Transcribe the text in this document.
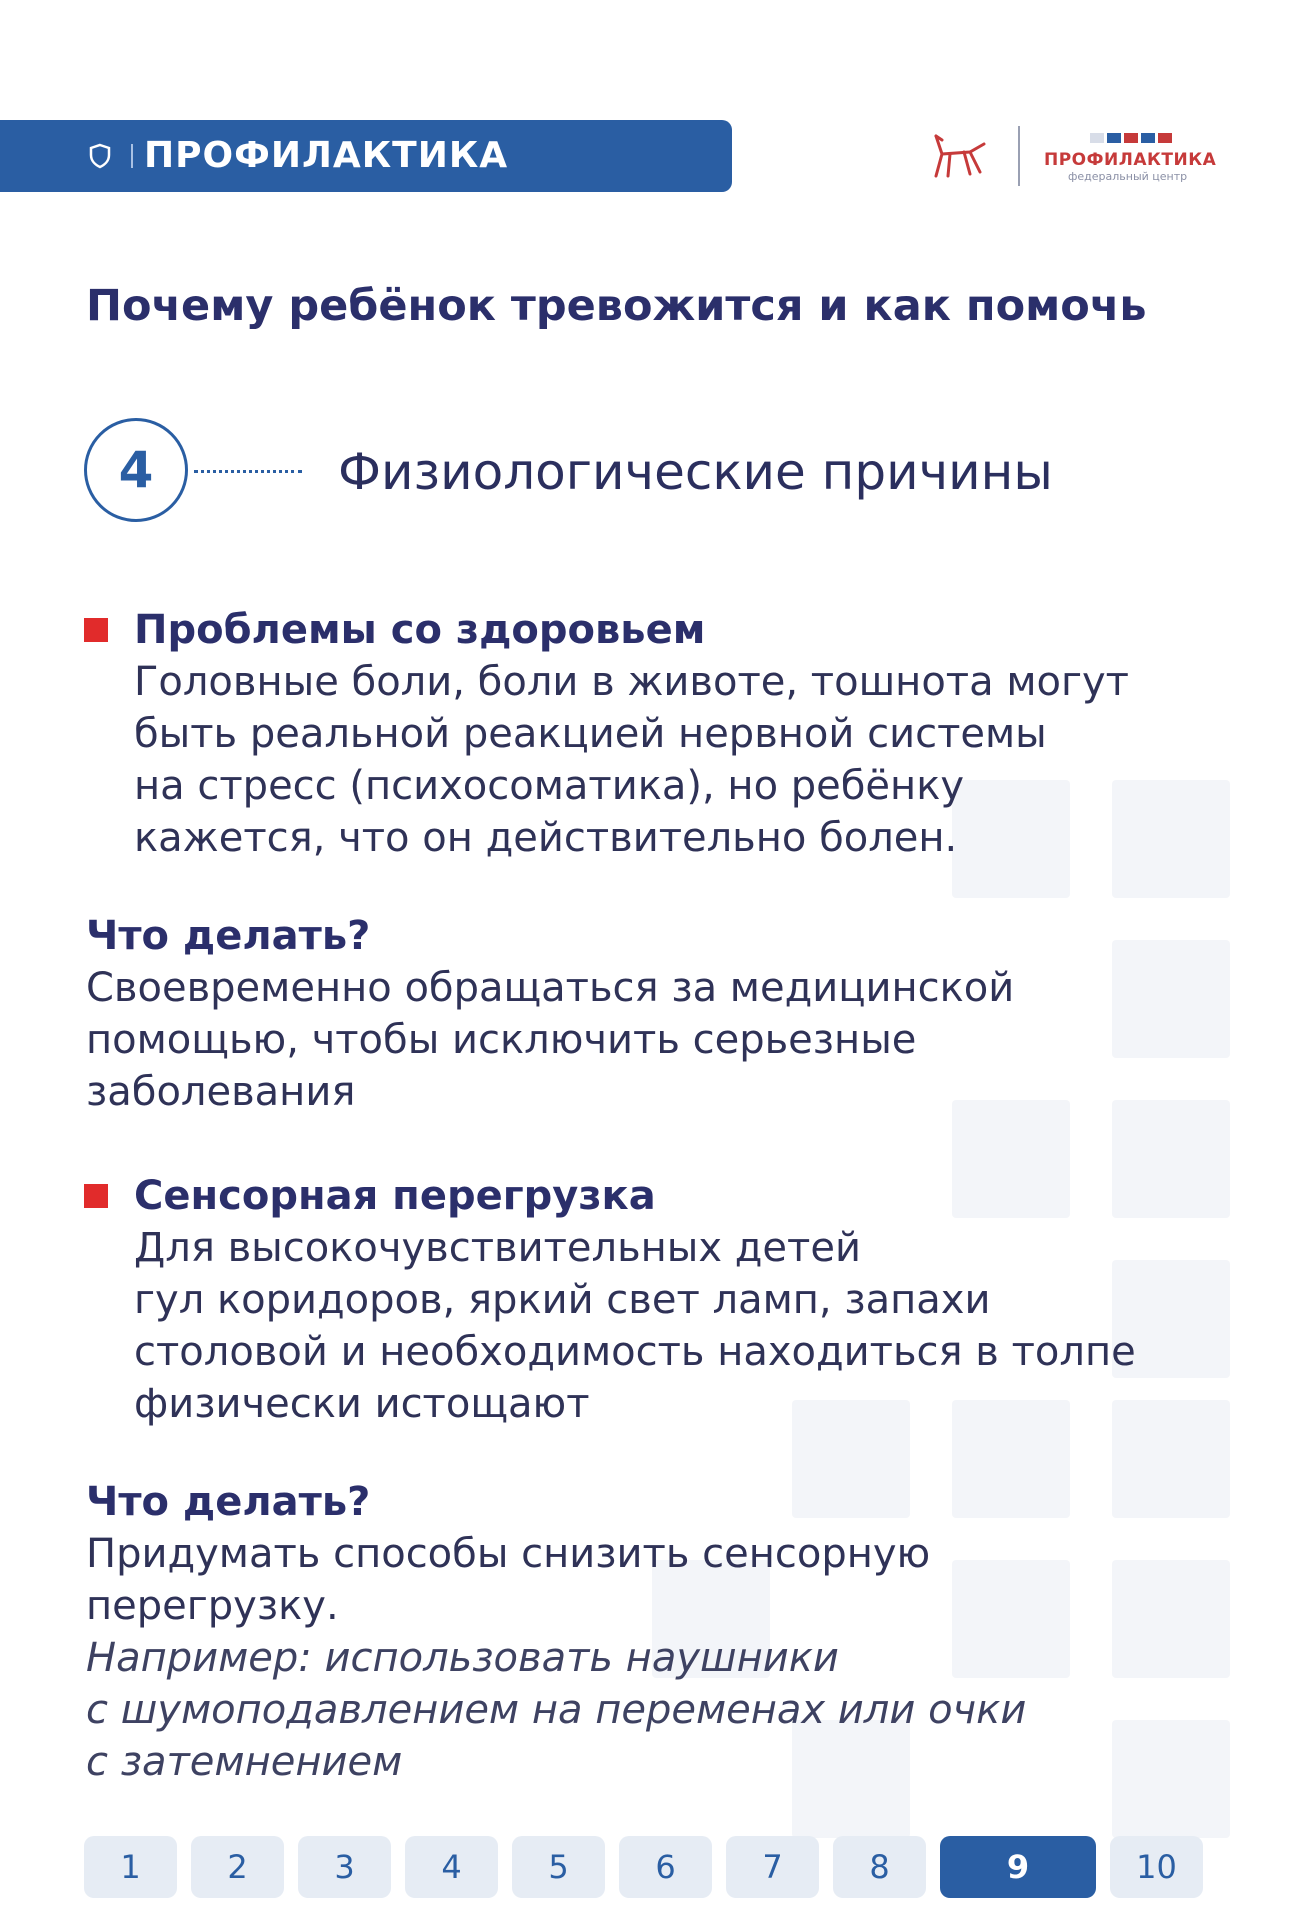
ПРОФИЛАКТИКА	ПРОФИЛАКТИКА
федеральный центр
Почему ребёнок тревожится и как помочь
4	Физиологические причины
Проблемы со здоровьем
Головные боли, боли в животе, тошнота могут
быть реальной реакцией нервной системы
на стресс (психосоматика), но ребёнку
кажется, что он действительно болен.
Что делать?
Своевременно обращаться за медицинской
помощью, чтобы исключить серьезные
заболевания
Сенсорная перегрузка
Для высокочувствительных детей
гул коридоров, яркий свет ламп, запахи
столовой и необходимость находиться в толпе
физически истощают
Что делать?
Придумать способы снизить сенсорную
перегрузку.
Например: использовать наушники
с шумоподавлением на переменах или очки
с затемнением
1	2	3	4	5	6	7	8	9	10
